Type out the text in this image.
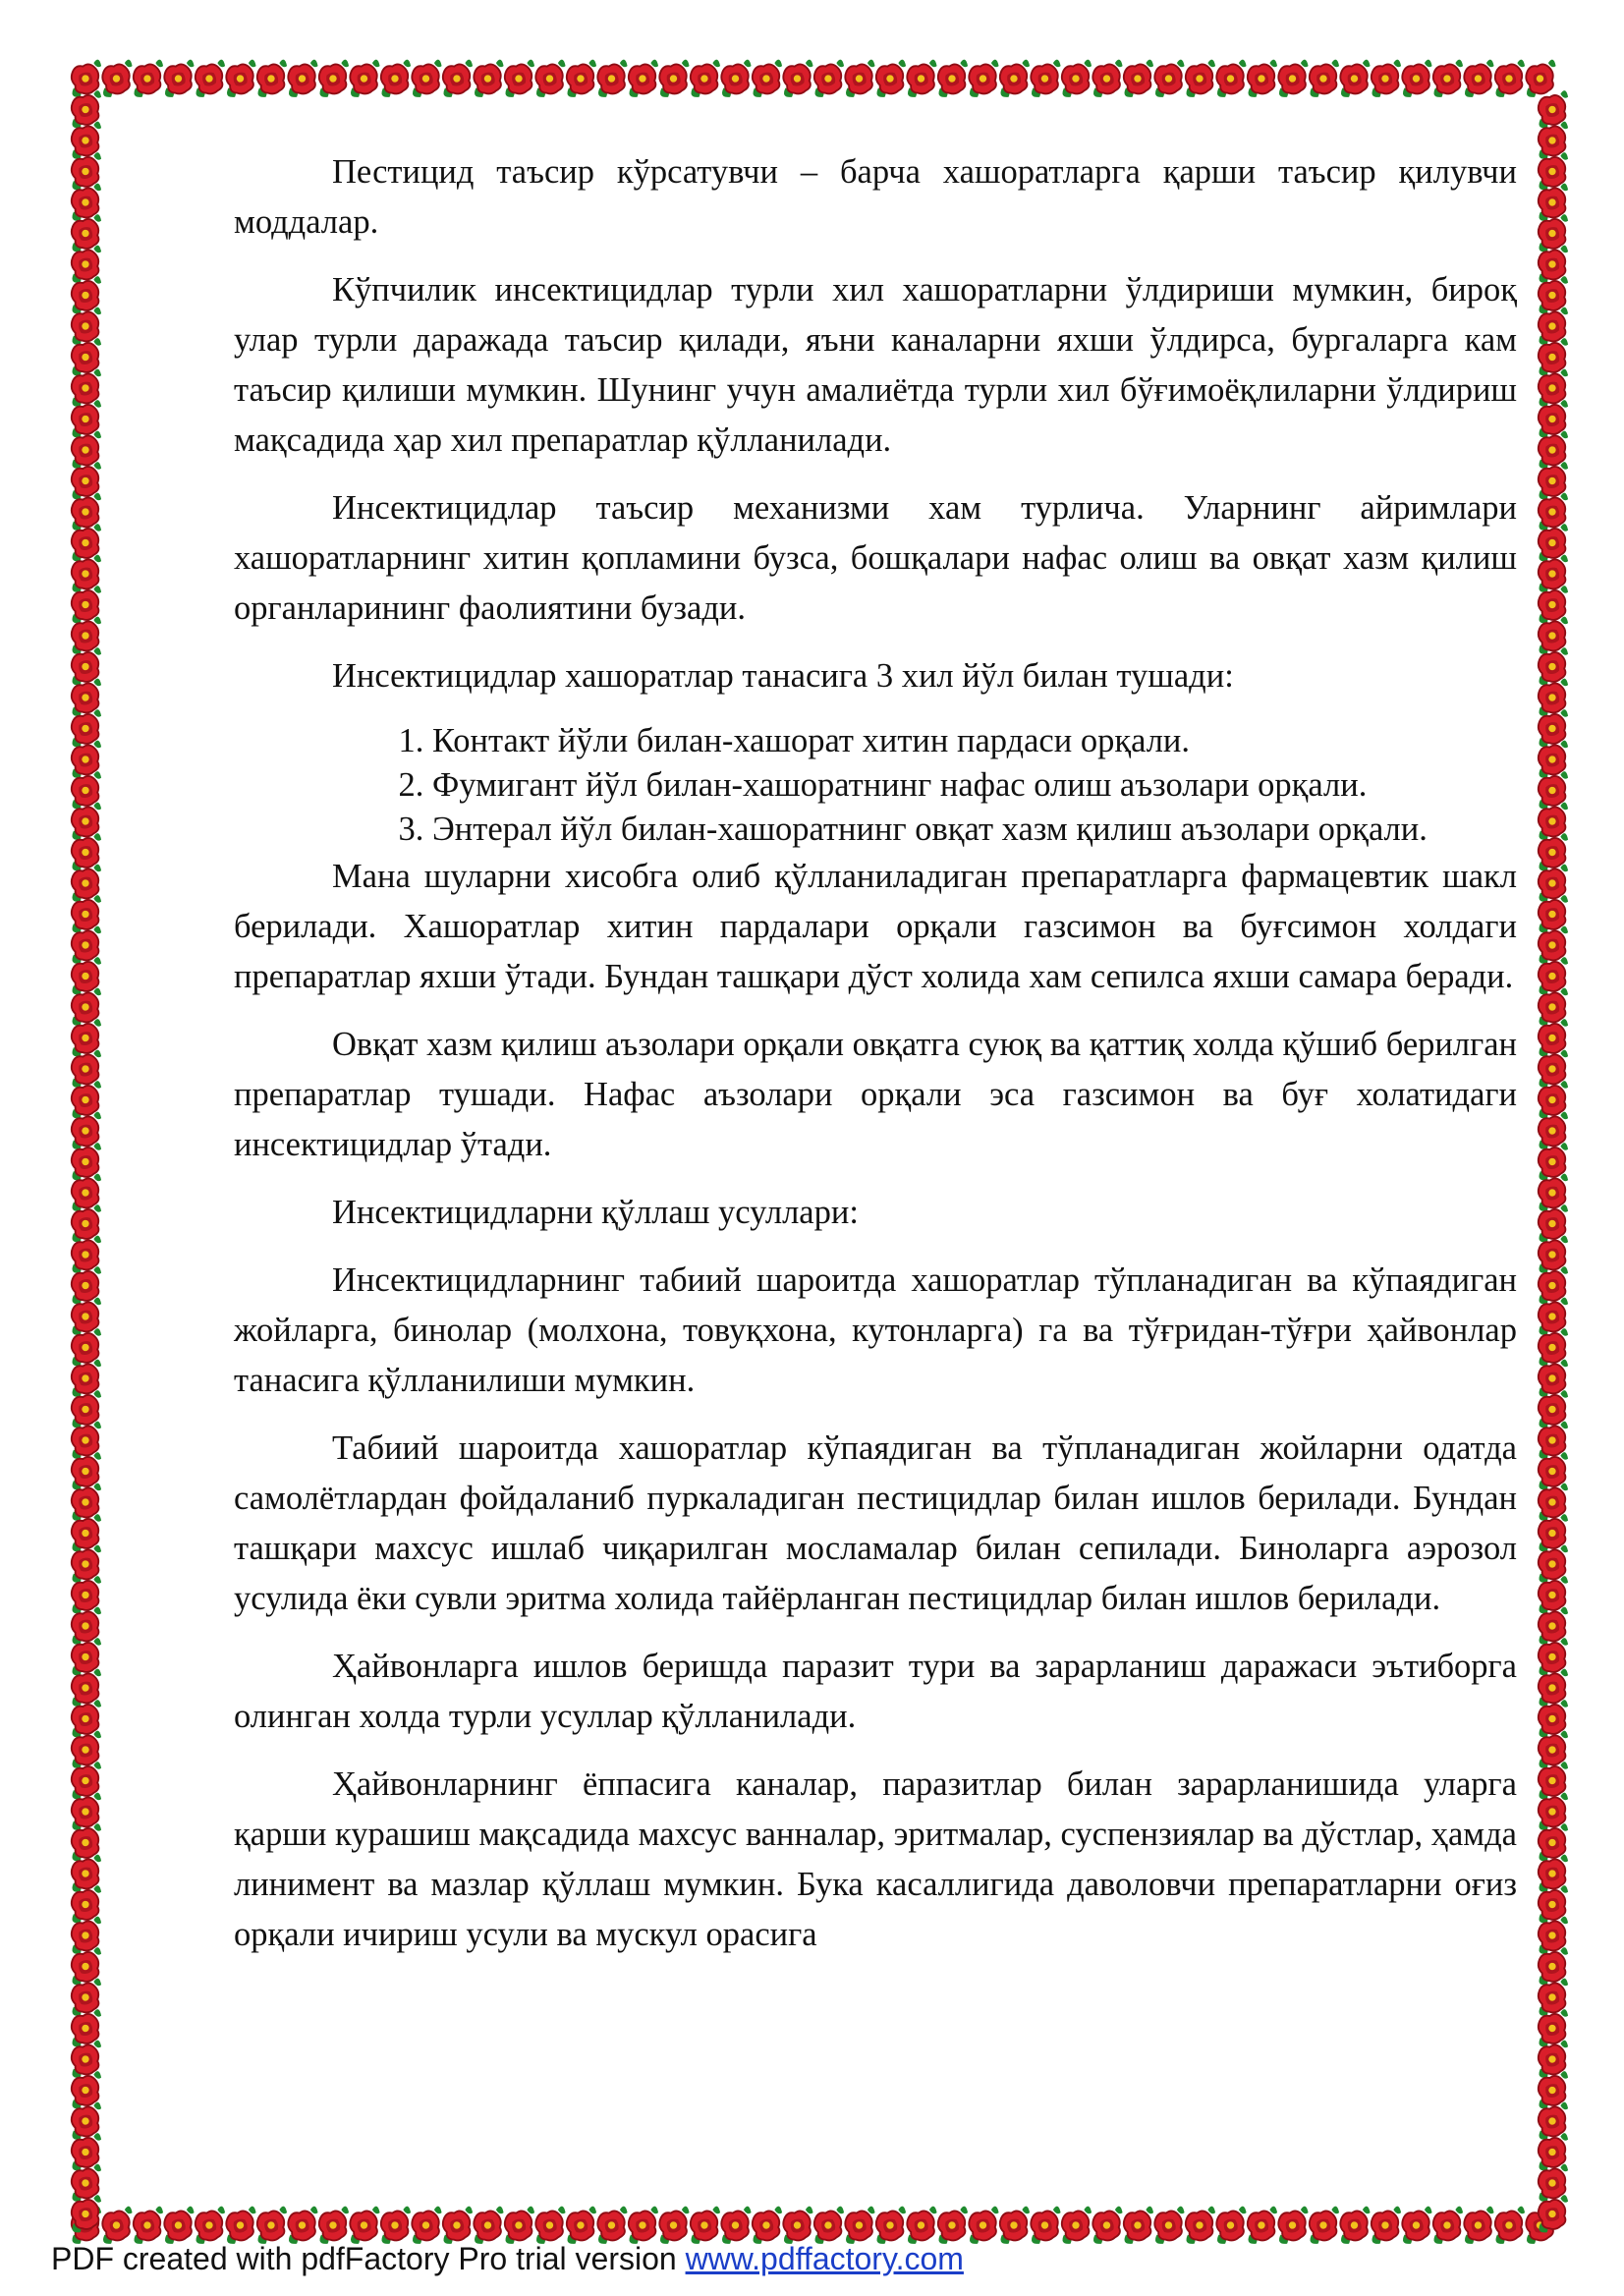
Пестицид таъсир кўрсатувчи – барча хашоратларга қарши таъсир қилувчи моддалар.

Кўпчилик инсектицидлар турли хил хашоратларни ўлдириши мумкин, бироқ улар турли даражада таъсир қилади, яъни каналарни яхши ўлдирса, бургаларга кам таъсир қилиши мумкин. Шунинг учун амалиётда турли хил бўғимоёқлиларни ўлдириш мақсадида ҳар хил препаратлар қўлланилади.

Инсектицидлар таъсир механизми хам турлича. Уларнинг айримлари хашоратларнинг хитин қопламини бузса, бошқалари нафас олиш ва овқат хазм қилиш органларининг фаолиятини бузади.

Инсектицидлар хашоратлар танасига 3 хил йўл билан тушади:

1. Контакт йўли билан-хашорат хитин пардаси орқали.
2. Фумигант йўл билан-хашоратнинг нафас олиш аъзолари орқали.
3. Энтерал йўл билан-хашоратнинг овқат хазм қилиш аъзолари орқали.

Мана шуларни хисобга олиб қўлланиладиган препаратларга фармацевтик шакл берилади. Хашоратлар хитин пардалари орқали газсимон ва буғсимон холдаги препаратлар яхши ўтади. Бундан ташқари дўст холида хам сепилса яхши самара беради.

Овқат хазм қилиш аъзолари орқали овқатга суюқ ва қаттиқ холда қўшиб берилган препаратлар тушади. Нафас аъзолари орқали эса газсимон ва буғ холатидаги инсектицидлар ўтади.

Инсектицидларни қўллаш усуллари:

Инсектицидларнинг табиий шароитда хашоратлар тўпланадиган ва кўпаядиган жойларга, бинолар (молхона, товуқхона, кутонларга) га ва тўғридан-тўғри ҳайвонлар танасига қўлланилиши мумкин.

Табиий шароитда хашоратлар кўпаядиган ва тўпланадиган жойларни одатда самолётлардан фойдаланиб пуркаладиган пестицидлар билан ишлов берилади. Бундан ташқари махсус ишлаб чиқарилган мосламалар билан сепилади. Биноларга аэрозол усулида ёки сувли эритма холида тайёрланган пестицидлар билан ишлов берилади.

Ҳайвонларга ишлов беришда паразит тури ва зарарланиш даражаси эътиборга олинган холда турли усуллар қўлланилади.

Ҳайвонларнинг ёппасига каналар, паразитлар билан зарарланишида уларга қарши курашиш мақсадида махсус ванналар, эритмалар, суспензиялар ва дўстлар, ҳамда линимент ва мазлар қўллаш мумкин. Бука касаллигида даволовчи препаратларни оғиз орқали ичириш усули ва мускул орасига

PDF created with pdfFactory Pro trial version www.pdffactory.com
